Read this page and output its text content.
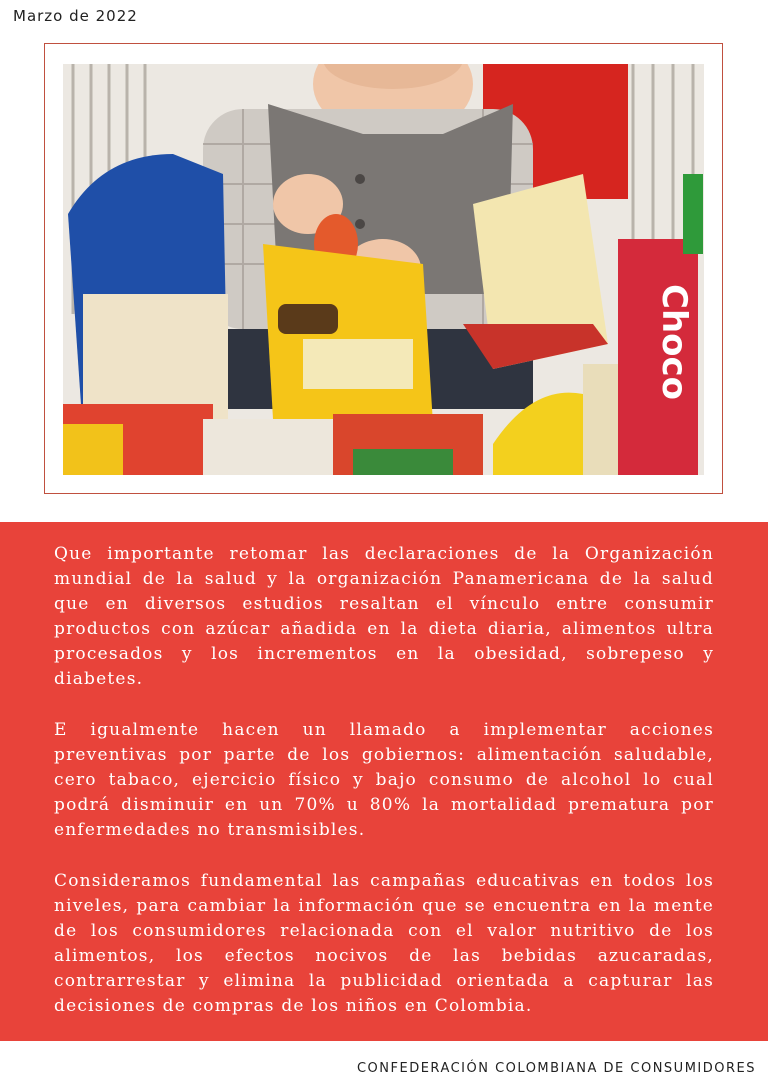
Marzo de 2022
Choco

Que importante retomar las declaraciones de la Organización mundial de la salud y la organización Panamericana de la salud que en diversos estudios resaltan el vínculo entre consumir productos con azúcar añadida en la dieta diaria, alimentos ultra procesados y los incrementos en la obesidad, sobrepeso y diabetes.

E igualmente hacen un llamado a implementar acciones preventivas por parte de los gobiernos: alimentación saludable, cero tabaco, ejercicio físico y bajo consumo de alcohol lo cual podrá disminuir en un 70% u 80% la mortalidad prematura por enfermedades no transmisibles.

Consideramos fundamental las campañas educativas en todos los niveles, para cambiar la información que se encuentra en la mente de los consumidores relacionada con el valor nutritivo de los alimentos, los efectos nocivos de las bebidas azucaradas, contrarrestar y elimina la publicidad orientada a capturar las decisiones de compras de los niños en Colombia.

CONFEDERACIÓN COLOMBIANA DE CONSUMIDORES
